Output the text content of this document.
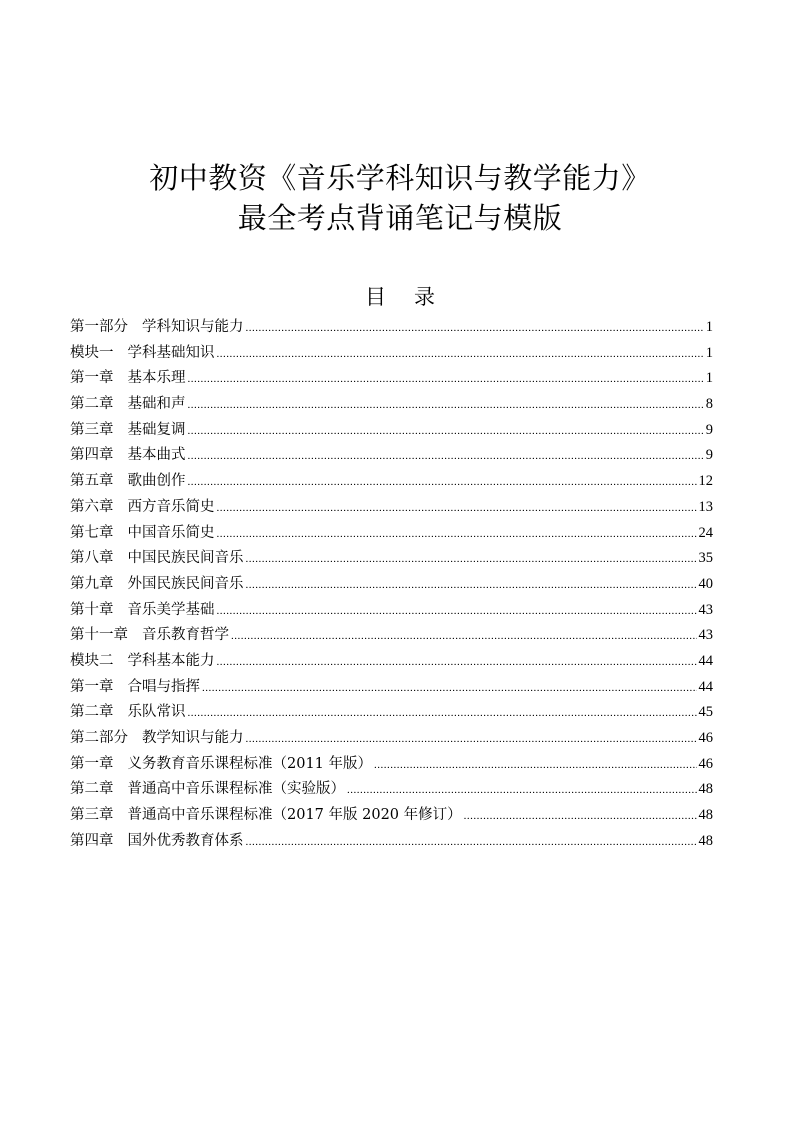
初中教资《音乐学科知识与教学能力》
最全考点背诵笔记与模版
目 录
第一部分 学科知识与能力 .....	1
模块一 学科基础知识 .....	1
第一章 基本乐理 .....	1
第二章 基础和声 .....	8
第三章 基础复调 .....	9
第四章 基本曲式 .....	9
第五章 歌曲创作 .....	12
第六章 西方音乐简史 .....	13
第七章 中国音乐简史 .....	24
第八章 中国民族民间音乐 .....	35
第九章 外国民族民间音乐 .....	40
第十章 音乐美学基础 .....	43
第十一章 音乐教育哲学 .....	43
模块二 学科基本能力 .....	44
第一章 合唱与指挥 .....	44
第二章 乐队常识 .....	45
第二部分 教学知识与能力 .....	46
第一章 义务教育音乐课程标准（2011 年版） .....	46
第二章 普通高中音乐课程标准（实验版） .....	48
第三章 普通高中音乐课程标准（2017 年版 2020 年修订） .....	48
第四章 国外优秀教育体系 .....	48
